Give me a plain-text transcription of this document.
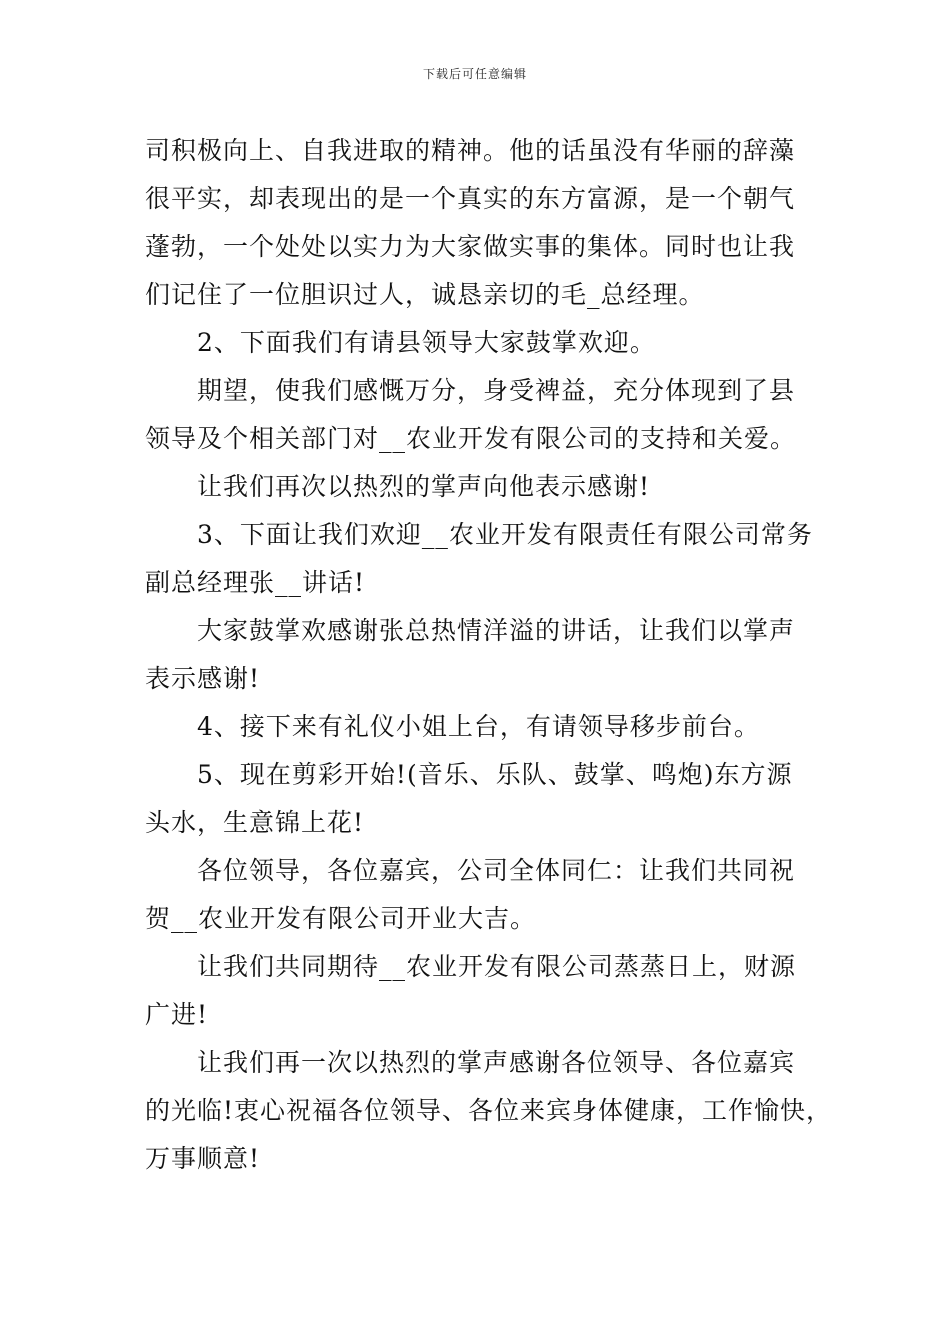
下载后可任意编辑

司积极向上、自我进取的精神。他的话虽没有华丽的辞藻
很平实，却表现出的是一个真实的东方富源，是一个朝气
蓬勃，一个处处以实力为大家做实事的集体。同时也让我
们记住了一位胆识过人，诚恳亲切的毛_总经理。

2、下面我们有请县领导大家鼓掌欢迎。

期望，使我们感慨万分，身受裨益，充分体现到了县
领导及个相关部门对__农业开发有限公司的支持和关爱。

让我们再次以热烈的掌声向他表示感谢!

3、下面让我们欢迎__农业开发有限责任有限公司常务
副总经理张__讲话!

大家鼓掌欢感谢张总热情洋溢的讲话，让我们以掌声
表示感谢!

4、接下来有礼仪小姐上台，有请领导移步前台。

5、现在剪彩开始!(音乐、乐队、鼓掌、鸣炮)东方源
头水，生意锦上花!

各位领导，各位嘉宾，公司全体同仁：让我们共同祝
贺__农业开发有限公司开业大吉。

让我们共同期待__农业开发有限公司蒸蒸日上，财源
广进!

让我们再一次以热烈的掌声感谢各位领导、各位嘉宾
的光临!衷心祝福各位领导、各位来宾身体健康，工作愉快，
万事顺意!
